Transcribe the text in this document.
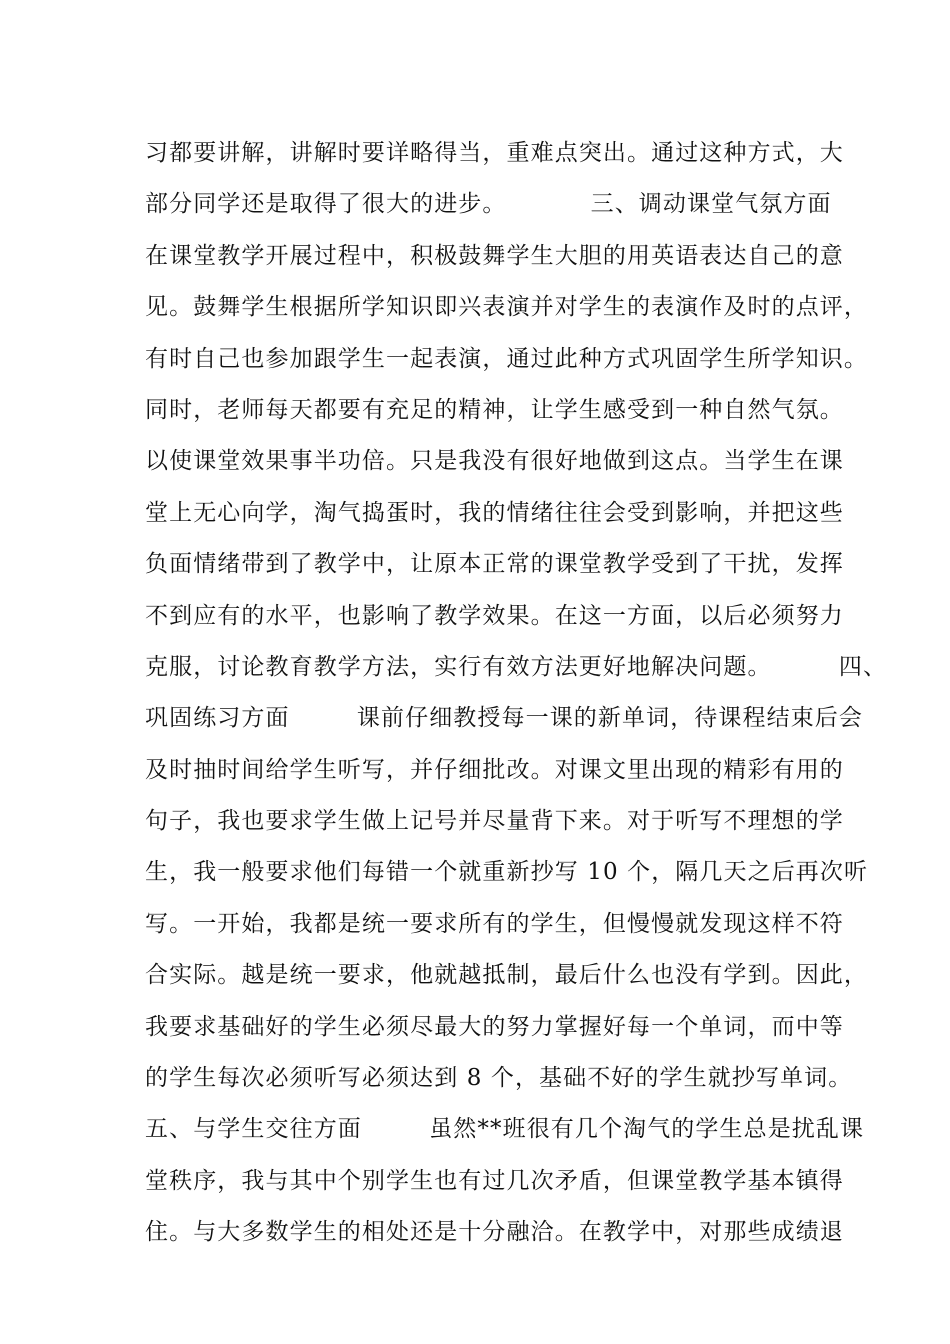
习都要讲解，讲解时要详略得当，重难点突出。通过这种方式，大
部分同学还是取得了很大的进步。          三、调动课堂气氛方面
在课堂教学开展过程中，积极鼓舞学生大胆的用英语表达自己的意
见。鼓舞学生根据所学知识即兴表演并对学生的表演作及时的点评，
有时自己也参加跟学生一起表演，通过此种方式巩固学生所学知识。
同时，老师每天都要有充足的精神，让学生感受到一种自然气氛。
以使课堂效果事半功倍。只是我没有很好地做到这点。当学生在课
堂上无心向学，淘气捣蛋时，我的情绪往往会受到影响，并把这些
负面情绪带到了教学中，让原本正常的课堂教学受到了干扰，发挥
不到应有的水平，也影响了教学效果。在这一方面，以后必须努力
克服，讨论教育教学方法，实行有效方法更好地解决问题。        四、
巩固练习方面        课前仔细教授每一课的新单词，待课程结束后会
及时抽时间给学生听写，并仔细批改。对课文里出现的精彩有用的
句子，我也要求学生做上记号并尽量背下来。对于听写不理想的学
生，我一般要求他们每错一个就重新抄写 10 个，隔几天之后再次听
写。一开始，我都是统一要求所有的学生，但慢慢就发现这样不符
合实际。越是统一要求，他就越抵制，最后什么也没有学到。因此，
我要求基础好的学生必须尽最大的努力掌握好每一个单词，而中等
的学生每次必须听写必须达到 8 个，基础不好的学生就抄写单词。
五、与学生交往方面        虽然**班很有几个淘气的学生总是扰乱课
堂秩序，我与其中个别学生也有过几次矛盾，但课堂教学基本镇得
住。与大多数学生的相处还是十分融洽。在教学中，对那些成绩退
